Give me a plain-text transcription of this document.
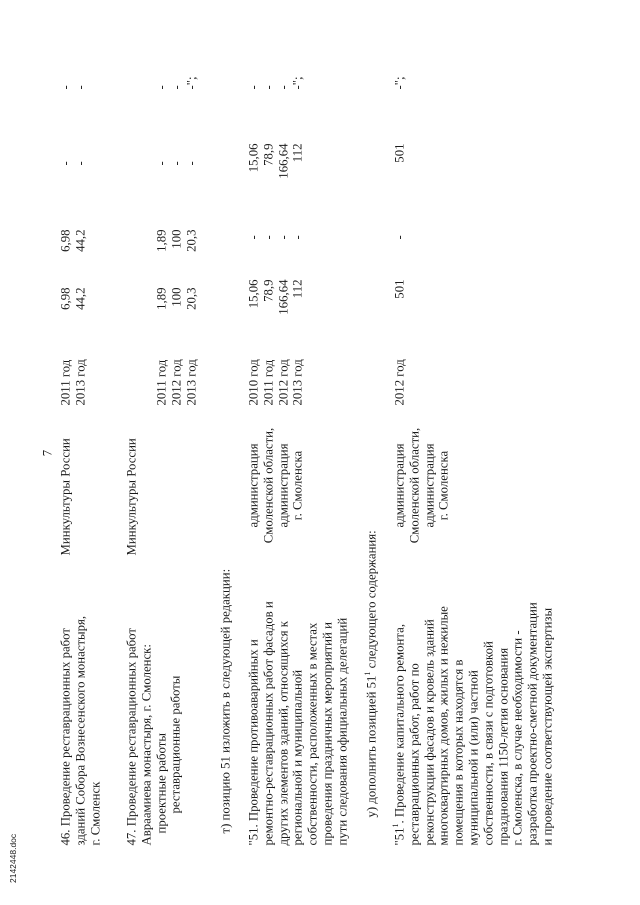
7
46. Проведение реставрационных работ зданий Собора Вознесенского монастыря, г. Смоленск
Минкультуры России
2011 год 2013 год
6,98 44,2
6,98 44,2
- -
- -
47. Проведение реставрационных работ Авраамиева монастыря, г. Смоленск: проектные работы реставрационные работы
Минкультуры России
2011 год 2012 год 2013 год
1,89 100 20,3
1,89 100 20,3
- - -
- - -";
т) позицию 51 изложить в следующей редакции: "51. Проведение противоаварийных и ремонтно-реставрационных работ фасадов и других элементов зданий, относящихся к региональной и муниципальной собственности, расположенных в местах проведения праздничных мероприятий и пути следования официальных делегаций
администрация Смоленской области, администрация г. Смоленска
2010 год 2011 год 2012 год 2013 год
15,06 78,9 166,64 112
- - - -
15,06 78,9 166,64 112
- - - -";
у) дополнить позицией $51^1$ следующего содержания:
"$51^1$. Проведение капитального ремонта, реставрационных работ, работ по реконструкции фасадов и кровель зданий многоквартирных домов, жилых и нежилые помещения в которых находятся в муниципальной и (или) частной собственности, в связи с подготовкой празднования 1150-летия основания г. Смоленска, в случае необходимости - разработка проектно-сметной документации и проведение соответствующей экспертизы
администрация Смоленской области, администрация г. Смоленска
2012 год
501
-
501
-";
2142448.doc
